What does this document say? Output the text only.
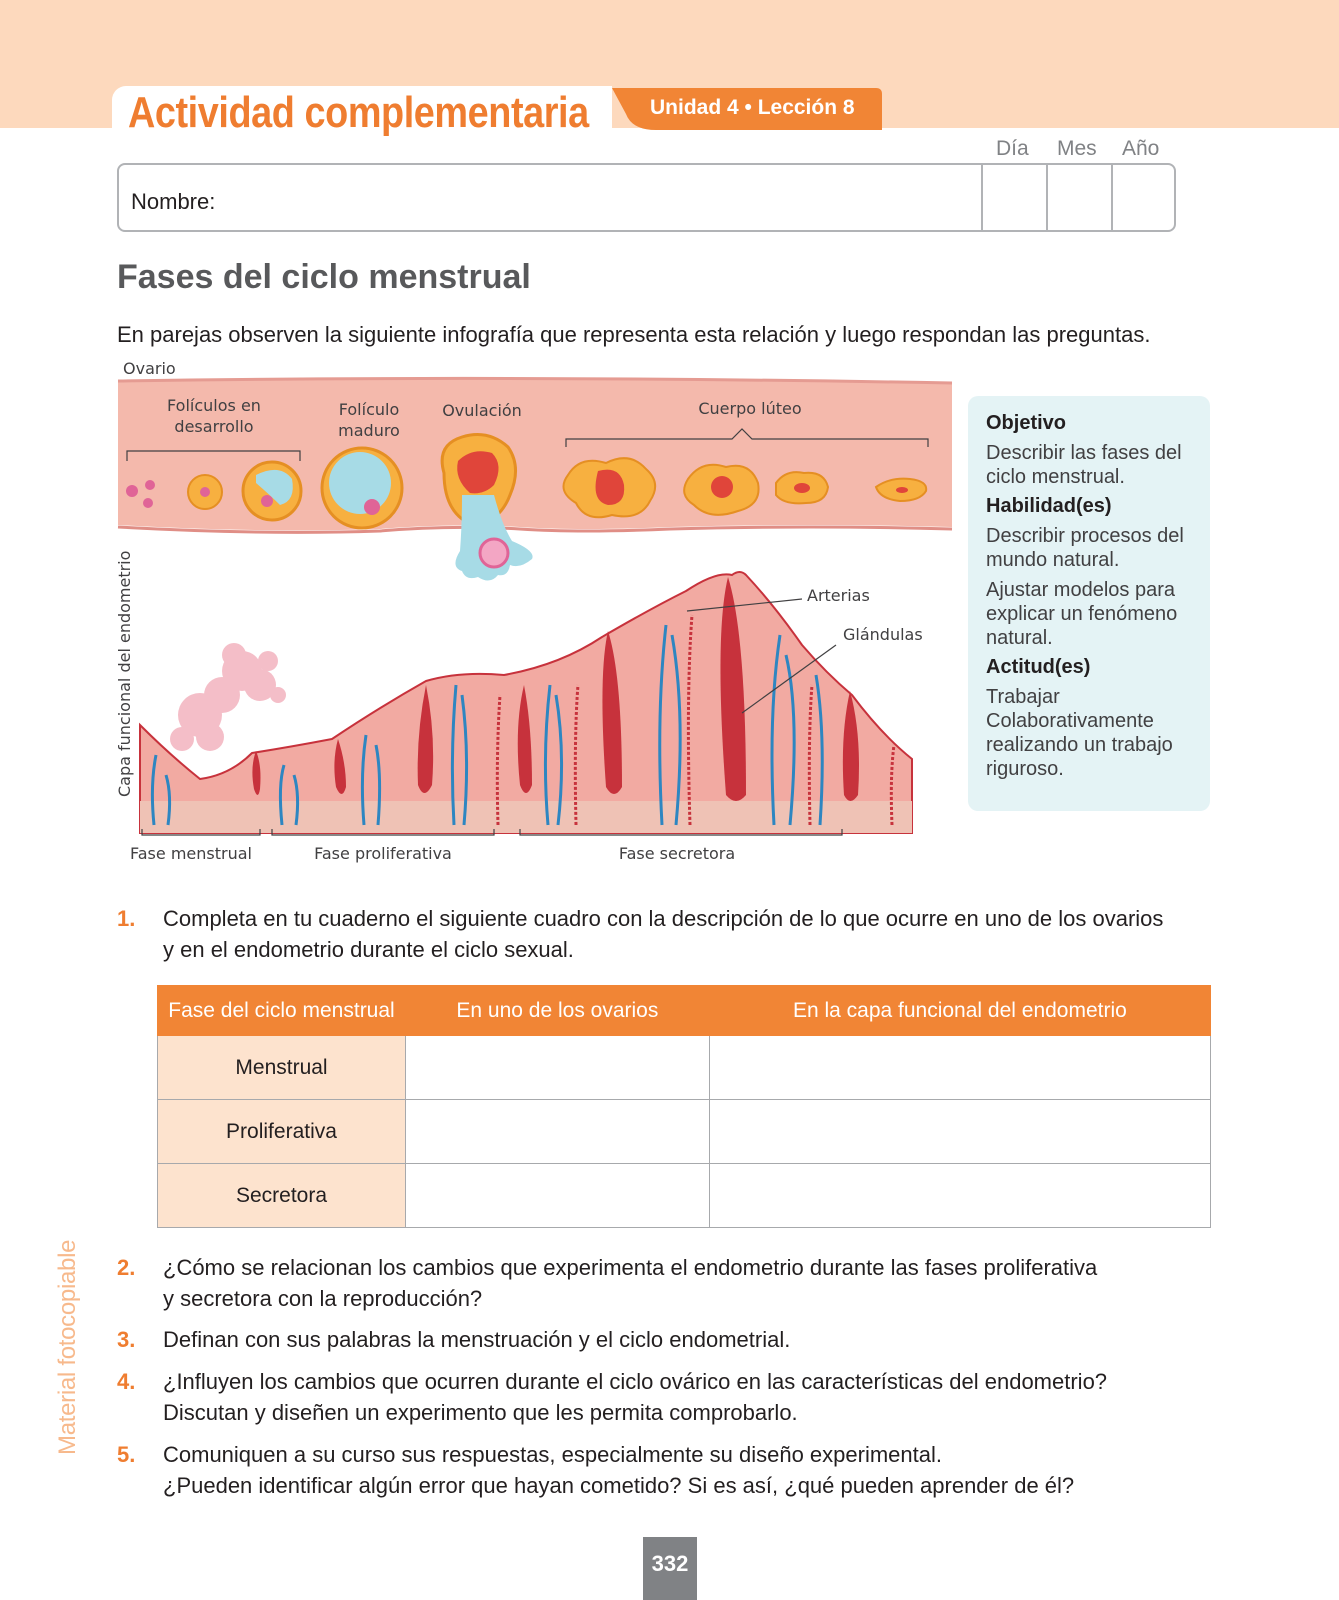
Actividad complementaria	Unidad 4 • Lección 8
Día Mes Año
Nombre:
Fases del ciclo menstrual
En parejas observen la siguiente infografía que representa esta relación y luego respondan las preguntas.
Ovario
Folículos en
desarrollo
Folículo
maduro
Ovulación	Cuerpo lúteo
Capa funcional del endometrio	Arterias
Glándulas
Fase menstrual	Fase proliferativa	Fase secretora
Objetivo
Describir las fases del ciclo menstrual.
Habilidad(es)
Describir procesos del mundo natural.
Ajustar modelos para explicar un fenómeno natural.
Actitud(es)
Trabajar Colaborativamente realizando un trabajo riguroso.
1. Completa en tu cuaderno el siguiente cuadro con la descripción de lo que ocurre en uno de los ovarios
y en el endometrio durante el ciclo sexual.
Fase del ciclo menstrual	En uno de los ovarios	En la capa funcional del endometrio
Menstrual		
Proliferativa		
Secretora		
2. ¿Cómo se relacionan los cambios que experimenta el endometrio durante las fases proliferativa
y secretora con la reproducción?
3. Definan con sus palabras la menstruación y el ciclo endometrial.
4. ¿Influyen los cambios que ocurren durante el ciclo ovárico en las características del endometrio?
Discutan y diseñen un experimento que les permita comprobarlo.
5. Comuniquen a su curso sus respuestas, especialmente su diseño experimental.
¿Pueden identificar algún error que hayan cometido? Si es así, ¿qué pueden aprender de él?
Material fotocopiable
332
